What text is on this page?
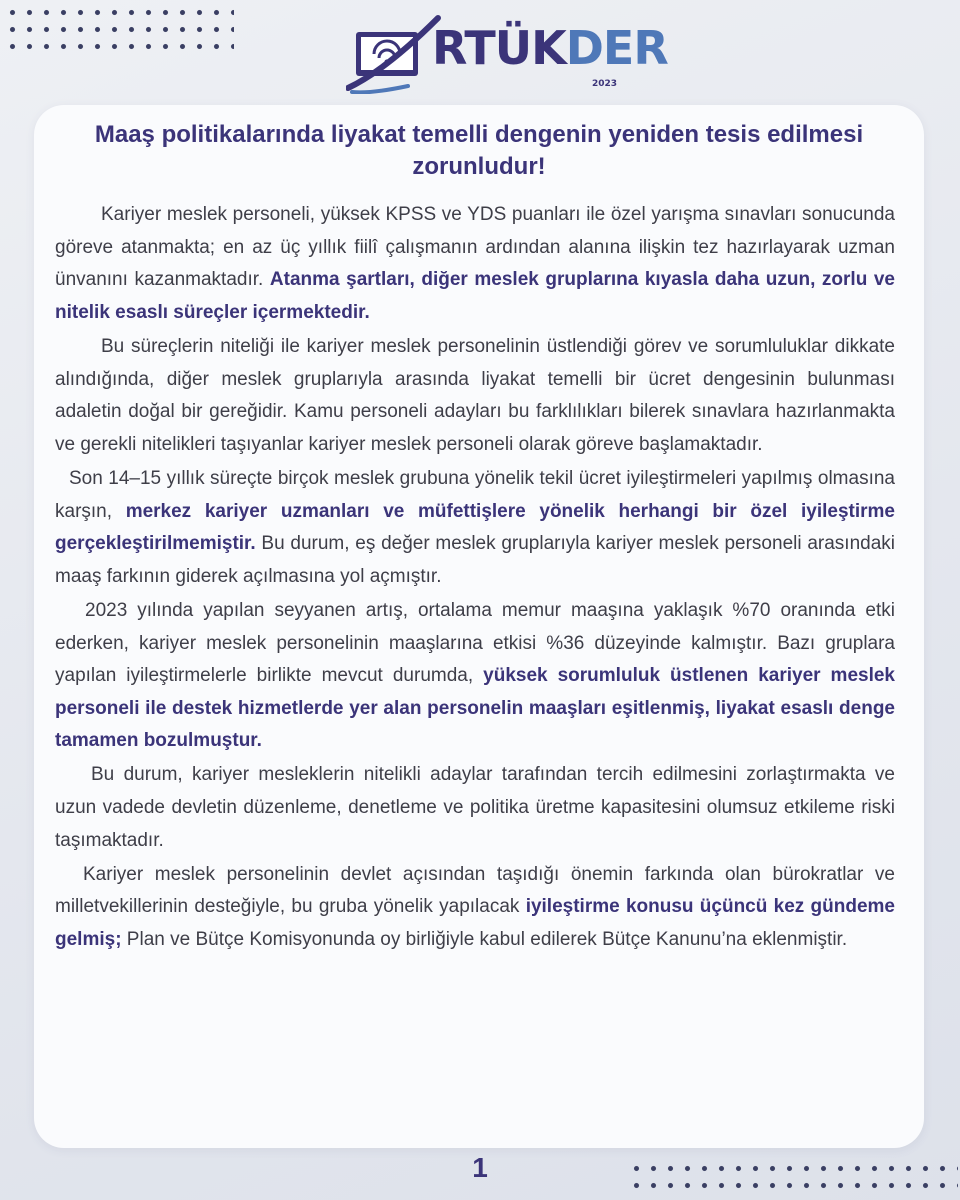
RTÜKDER
2023
Maaş politikalarında liyakat temelli dengenin yeniden tesis edilmesi zorunludur!

Kariyer meslek personeli, yüksek KPSS ve YDS puanları ile özel yarışma sınavları sonucunda göreve atanmakta; en az üç yıllık fiilî çalışmanın ardından alanına ilişkin tez hazırlayarak uzman ünvanını kazanmaktadır. Atanma şartları, diğer meslek gruplarına kıyasla daha uzun, zorlu ve nitelik esaslı süreçler içermektedir.

Bu süreçlerin niteliği ile kariyer meslek personelinin üstlendiği görev ve sorumluluklar dikkate alındığında, diğer meslek gruplarıyla arasında liyakat temelli bir ücret dengesinin bulunması adaletin doğal bir gereğidir. Kamu personeli adayları bu farklılıkları bilerek sınavlara hazırlanmakta ve gerekli nitelikleri taşıyanlar kariyer meslek personeli olarak göreve başlamaktadır.

Son 14–15 yıllık süreçte birçok meslek grubuna yönelik tekil ücret iyileştirmeleri yapılmış olmasına karşın, merkez kariyer uzmanları ve müfettişlere yönelik herhangi bir özel iyileştirme gerçekleştirilmemiştir. Bu durum, eş değer meslek gruplarıyla kariyer meslek personeli arasındaki maaş farkının giderek açılmasına yol açmıştır.

2023 yılında yapılan seyyanen artış, ortalama memur maaşına yaklaşık %70 oranında etki ederken, kariyer meslek personelinin maaşlarına etkisi %36 düzeyinde kalmıştır. Bazı gruplara yapılan iyileştirmelerle birlikte mevcut durumda, yüksek sorumluluk üstlenen kariyer meslek personeli ile destek hizmetlerde yer alan personelin maaşları eşitlenmiş, liyakat esaslı denge tamamen bozulmuştur.

Bu durum, kariyer mesleklerin nitelikli adaylar tarafından tercih edilmesini zorlaştırmakta ve uzun vadede devletin düzenleme, denetleme ve politika üretme kapasitesini olumsuz etkileme riski taşımaktadır.

Kariyer meslek personelinin devlet açısından taşıdığı önemin farkında olan bürokratlar ve milletvekillerinin desteğiyle, bu gruba yönelik yapılacak iyileştirme konusu üçüncü kez gündeme gelmiş; Plan ve Bütçe Komisyonunda oy birliğiyle kabul edilerek Bütçe Kanunu’na eklenmiştir.

1
